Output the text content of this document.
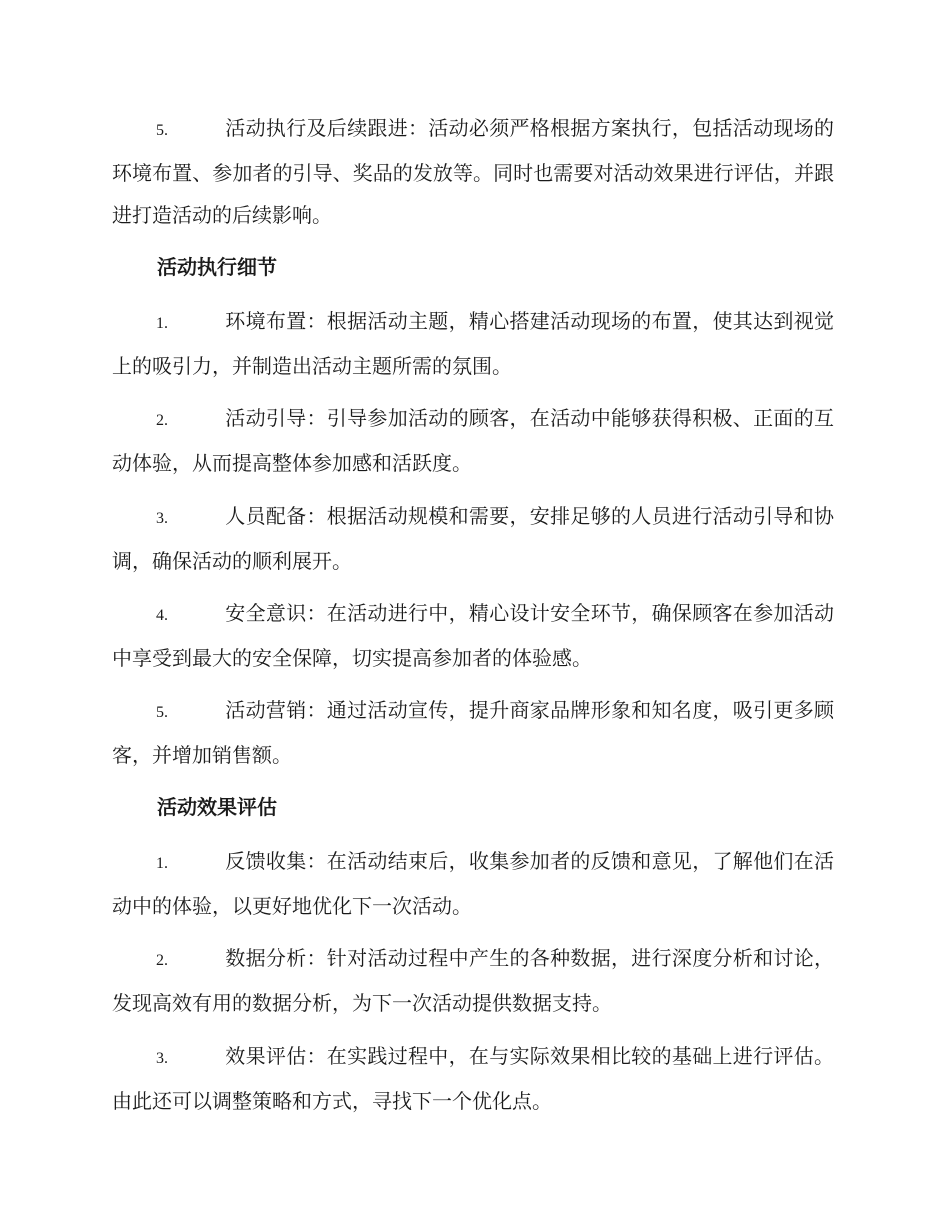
5.	活动执行及后续跟进：活动必须严格根据方案执行，包括活动现场的环境布置、参加者的引导、奖品的发放等。同时也需要对活动效果进行评估，并跟进打造活动的后续影响。

活动执行细节

1.	环境布置：根据活动主题，精心搭建活动现场的布置，使其达到视觉上的吸引力，并制造出活动主题所需的氛围。

2.	活动引导：引导参加活动的顾客，在活动中能够获得积极、正面的互动体验，从而提高整体参加感和活跃度。

3.	人员配备：根据活动规模和需要，安排足够的人员进行活动引导和协调，确保活动的顺利展开。

4.	安全意识：在活动进行中，精心设计安全环节，确保顾客在参加活动中享受到最大的安全保障，切实提高参加者的体验感。

5.	活动营销：通过活动宣传，提升商家品牌形象和知名度，吸引更多顾客，并增加销售额。

活动效果评估

1.	反馈收集：在活动结束后，收集参加者的反馈和意见，了解他们在活动中的体验，以更好地优化下一次活动。

2.	数据分析：针对活动过程中产生的各种数据，进行深度分析和讨论，发现高效有用的数据分析，为下一次活动提供数据支持。

3.	效果评估：在实践过程中，在与实际效果相比较的基础上进行评估。由此还可以调整策略和方式，寻找下一个优化点。
